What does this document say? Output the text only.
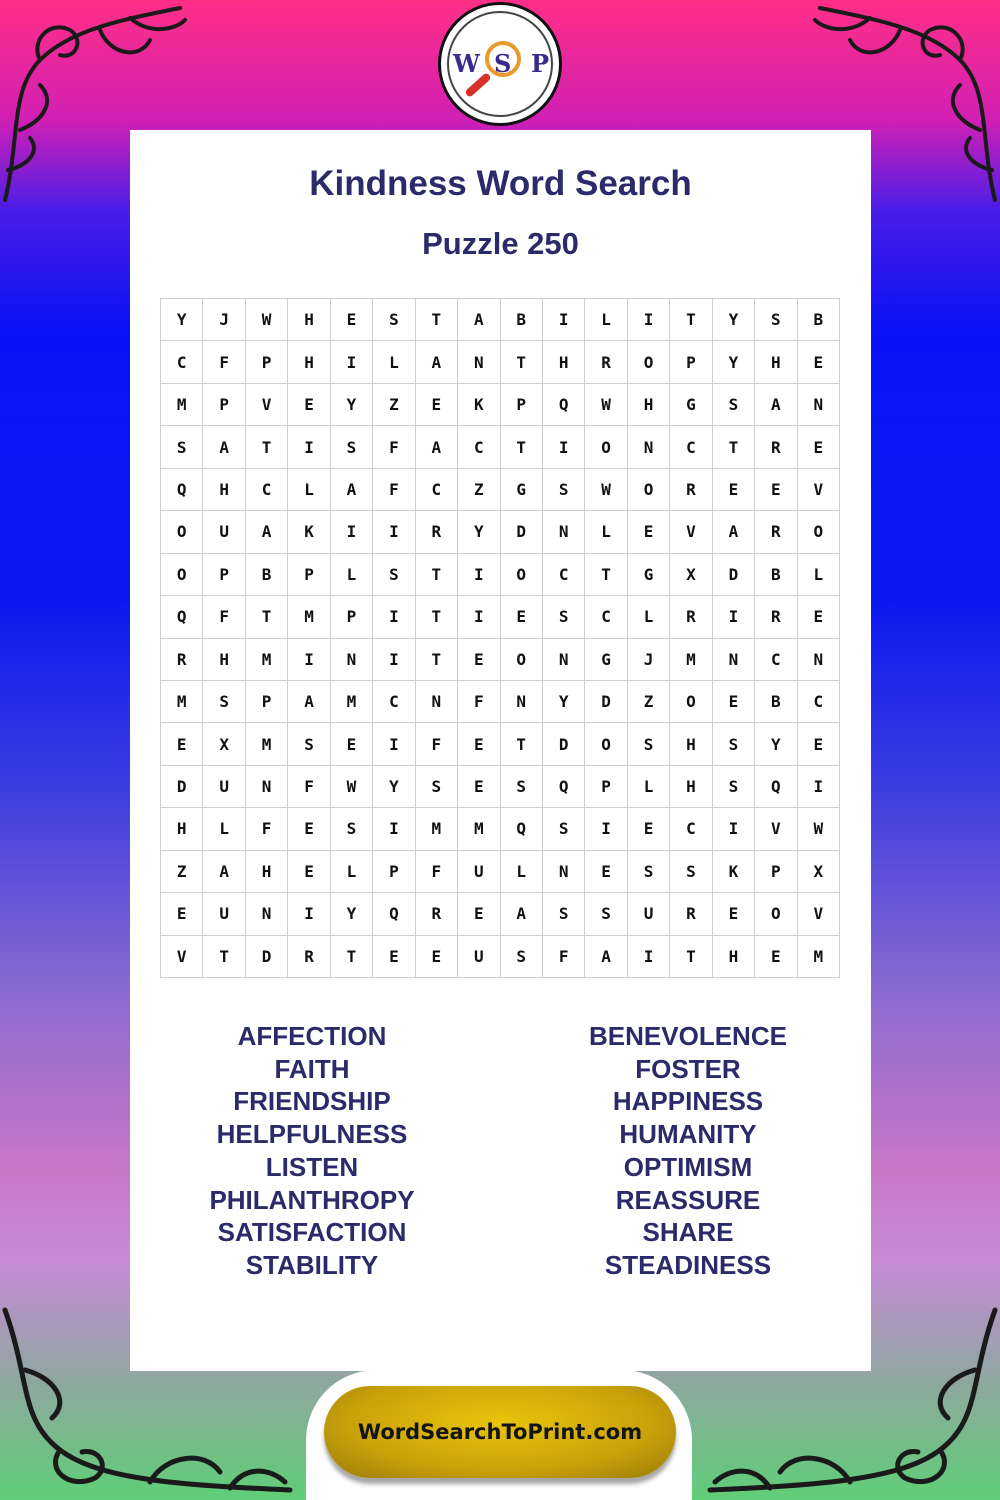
Kindness Word Search
Puzzle 250
Y	J	W	H	E	S	T	A	B	I	L	I	T	Y	S	B
C	F	P	H	I	L	A	N	T	H	R	O	P	Y	H	E
M	P	V	E	Y	Z	E	K	P	Q	W	H	G	S	A	N
S	A	T	I	S	F	A	C	T	I	O	N	C	T	R	E
Q	H	C	L	A	F	C	Z	G	S	W	O	R	E	E	V
O	U	A	K	I	I	R	Y	D	N	L	E	V	A	R	O
O	P	B	P	L	S	T	I	O	C	T	G	X	D	B	L
Q	F	T	M	P	I	T	I	E	S	C	L	R	I	R	E
R	H	M	I	N	I	T	E	O	N	G	J	M	N	C	N
M	S	P	A	M	C	N	F	N	Y	D	Z	O	E	B	C
E	X	M	S	E	I	F	E	T	D	O	S	H	S	Y	E
D	U	N	F	W	Y	S	E	S	Q	P	L	H	S	Q	I
H	L	F	E	S	I	M	M	Q	S	I	E	C	I	V	W
Z	A	H	E	L	P	F	U	L	N	E	S	S	K	P	X
E	U	N	I	Y	Q	R	E	A	S	S	U	R	E	O	V
V	T	D	R	T	E	E	U	S	F	A	I	T	H	E	M
AFFECTION
FAITH
FRIENDSHIP
HELPFULNESS
LISTEN
PHILANTHROPY
SATISFACTION
STABILITY
BENEVOLENCE
FOSTER
HAPPINESS
HUMANITY
OPTIMISM
REASSURE
SHARE
STEADINESS
W S P
WordSearchToPrint.com
